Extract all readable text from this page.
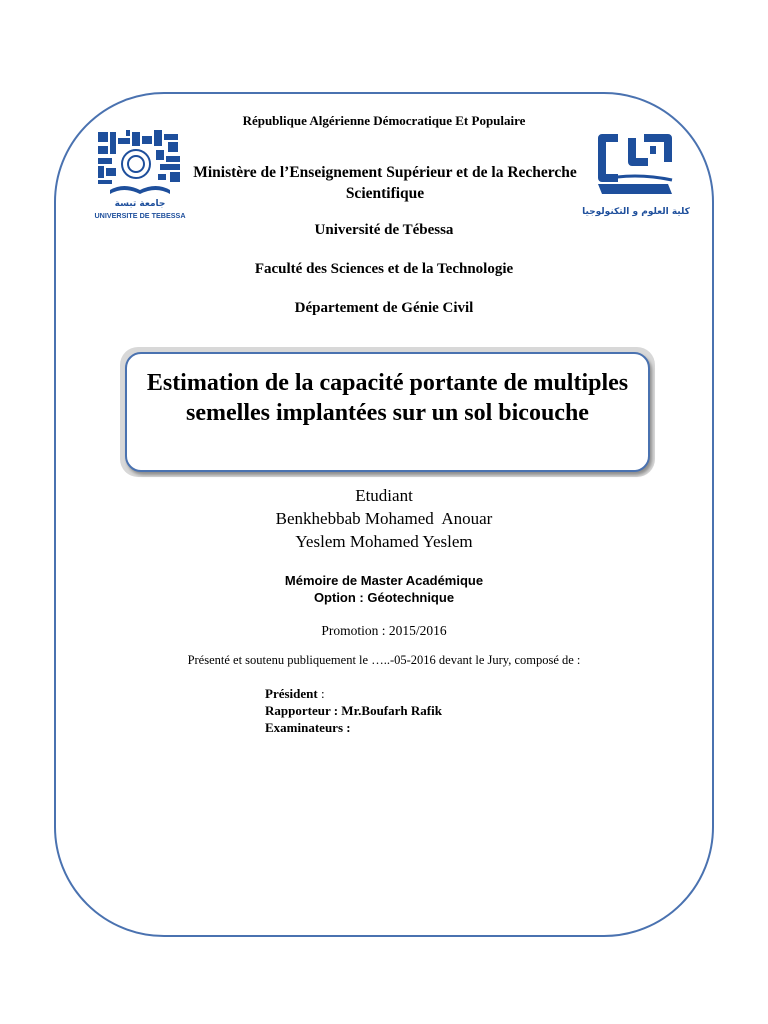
جامعة تبسة
UNIVERSITE DE TEBESSA	كلية العلوم و التكنولوجيا
République Algérienne Démocratique Et Populaire
Ministère de l’Enseignement Supérieur et de la Recherche Scientifique
Université de Tébessa
Faculté des Sciences et de la Technologie
Département de Génie Civil
Estimation de la capacité portante de multiples semelles implantées sur un sol bicouche
Etudiant
Benkhebbab Mohamed  Anouar
Yeslem Mohamed Yeslem
Mémoire de Master Académique
Option : Géotechnique
Promotion : 2015/2016
Présenté et soutenu publiquement le …..-05-2016 devant le Jury, composé de :
Président :
Rapporteur : Mr.Boufarh Rafik
Examinateurs :
